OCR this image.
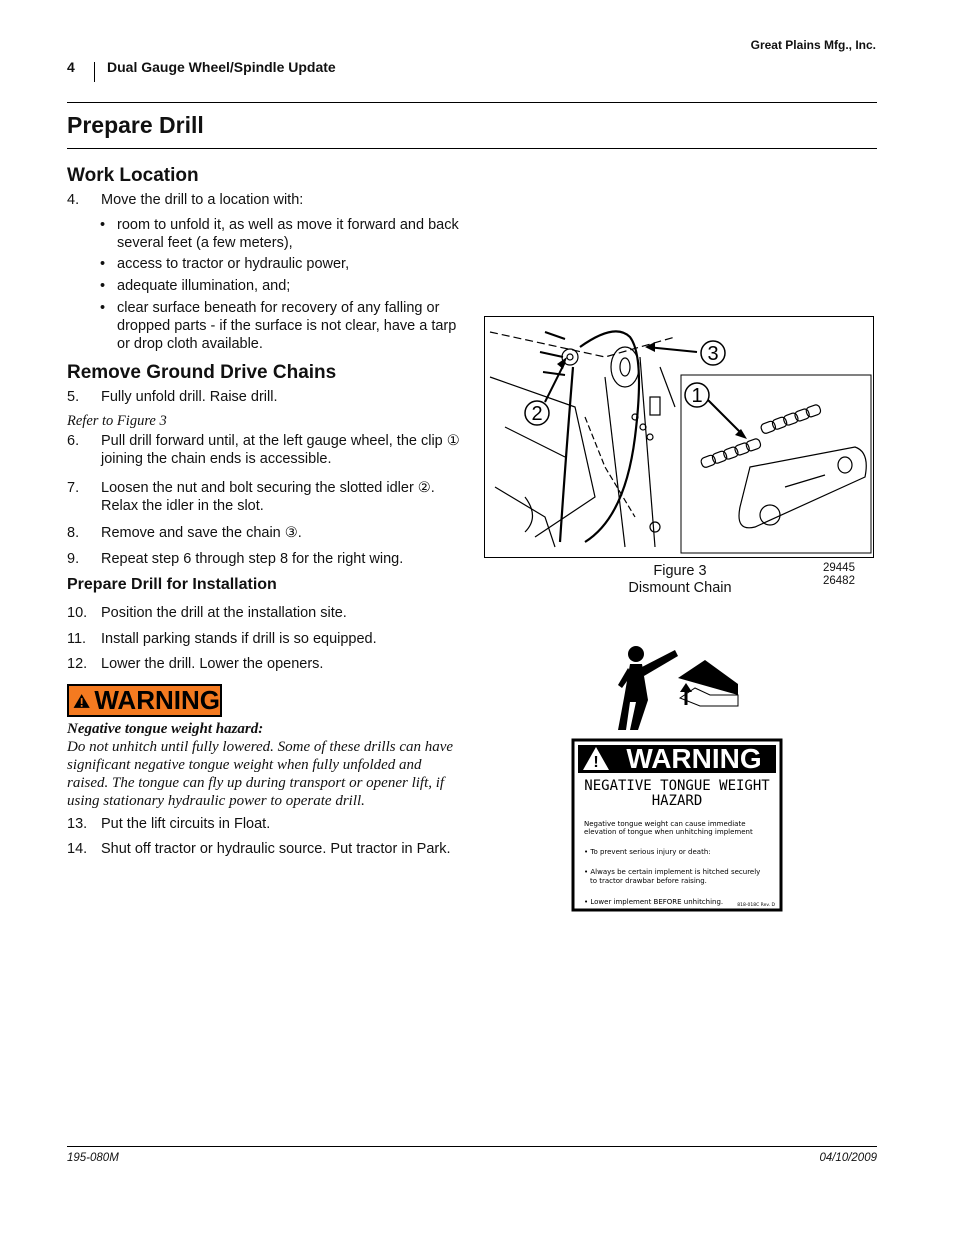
Great Plains Mfg., Inc.
4 Dual Gauge Wheel/Spindle Update
Prepare Drill
Work Location
4.	Move the drill to a location with:
• room to unfold it, as well as move it forward and back several feet (a few meters),
• access to tractor or hydraulic power,
• adequate illumination, and;
• clear surface beneath for recovery of any falling or dropped parts - if the surface is not clear, have a tarp or drop cloth available.
Remove Ground Drive Chains
5.	Fully unfold drill. Raise drill.
Refer to Figure 3
6.	Pull drill forward until, at the left gauge wheel, the clip ① joining the chain ends is accessible.
7.	Loosen the nut and bolt securing the slotted idler ②. Relax the idler in the slot.
8.	Remove and save the chain ③.
9.	Repeat step 6 through step 8 for the right wing.
Prepare Drill for Installation
10. Position the drill at the installation site.
11.	Install parking stands if drill is so equipped.
12. Lower the drill. Lower the openers.
WARNING
Negative tongue weight hazard:
Do not unhitch until fully lowered. Some of these drills can have significant negative tongue weight when fully unfolded and raised. The tongue can fly up during transport or opener lift, if using stationary hydraulic power to operate drill.
13. Put the lift circuits in Float.
14. Shut off tractor or hydraulic source. Put tractor in Park.
3
2
1
Figure 3
Dismount Chain
29445
26482
! WARNING
NEGATIVE TONGUE WEIGHT
HAZARD
Negative tongue weight can cause immediate
elevation of tongue when unhitching implement
• To prevent serious injury or death:
• Always be certain implement is hitched securely
to tractor drawbar before raising.
• Lower implement BEFORE unhitching.	818-018C Rev. D
195-080M	04/10/2009
